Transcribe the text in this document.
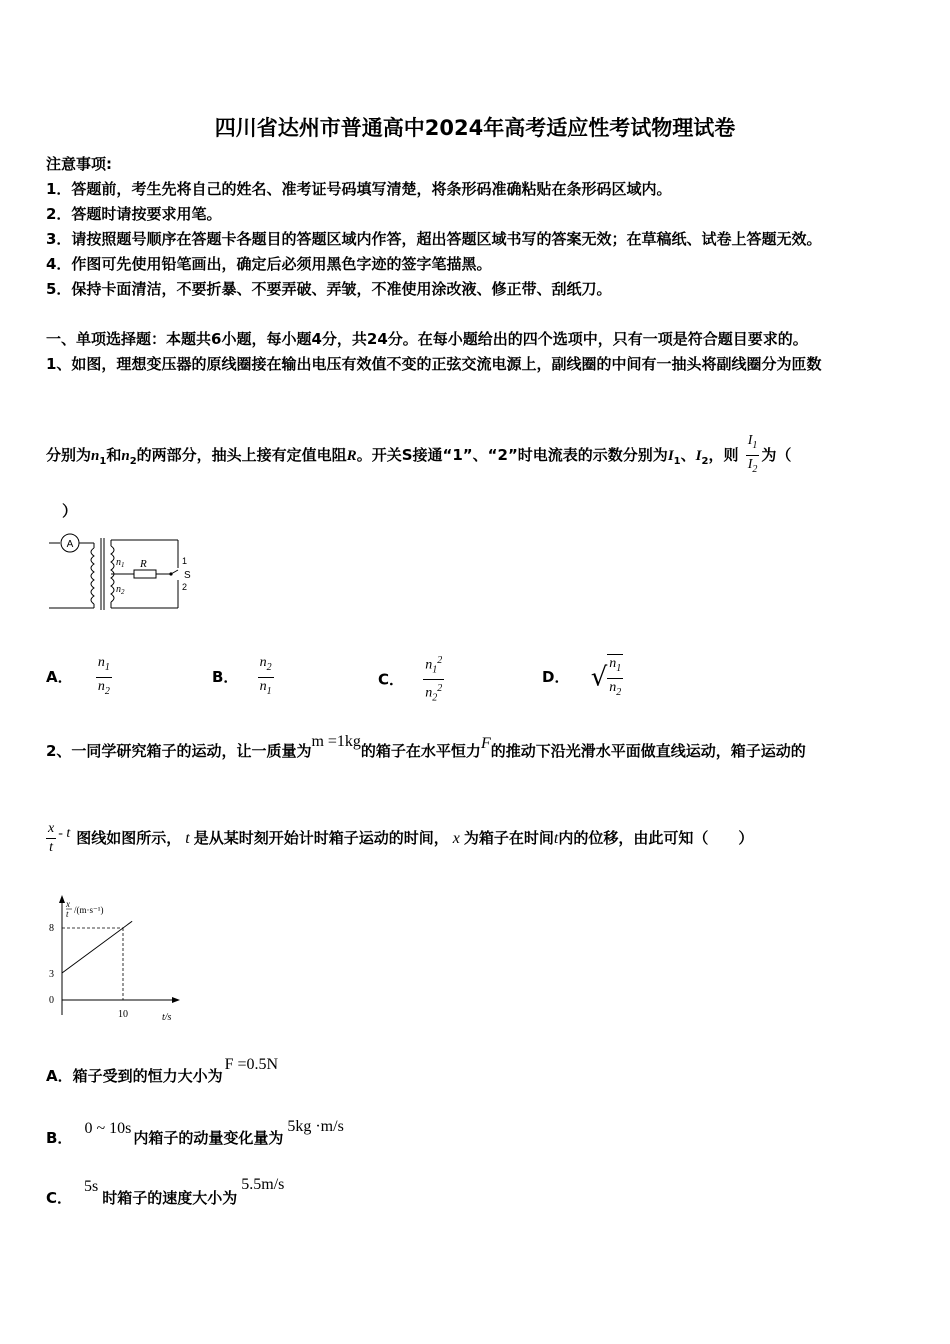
四川省达州市普通高中2024年高考适应性考试物理试卷
注意事项:
1．答题前，考生先将自己的姓名、准考证号码填写清楚，将条形码准确粘贴在条形码区域内。
2．答题时请按要求用笔。
3．请按照题号顺序在答题卡各题目的答题区域内作答，超出答题区域书写的答案无效；在草稿纸、试卷上答题无效。
4．作图可先使用铅笔画出，确定后必须用黑色字迹的签字笔描黑。
5．保持卡面清洁，不要折暴、不要弄破、弄皱，不准使用涂改液、修正带、刮纸刀。
一、单项选择题：本题共6小题，每小题4分，共24分。在每小题给出的四个选项中，只有一项是符合题目要求的。
1、如图，理想变压器的原线圈接在输出电压有效值不变的正弦交流电源上，副线圈的中间有一抽头将副线圈分为匝数
分别为$n_1$和$n_2$的两部分，抽头上接有定值电阻R。开关S接通“1”、“2”时电流表的示数分别为$I_1$、$I_2$，则 $\frac{I_1}{I_2}$ 为（
）
A
$n_1$
$n_2$
R	1
S
2
A． $\frac{n_1}{n_2}$	B． $\frac{n_2}{n_1}$	C． $\frac{n_1^2}{n_2^2}$	D． √ $\frac{n_1}{n_2}$
2、一同学研究箱子的运动，让一质量为m =1kg的箱子在水平恒力F的推动下沿光滑水平面做直线运动，箱子运动的
$\frac{x}{t}$ - t 图线如图所示， t 是从某时刻开始计时箱子运动的时间， x 为箱子在时间t内的位移，由此可知（　　）
x
t /(m·s⁻¹)
8
3
0
10	t/s
A．箱子受到的恒力大小为F =0.5N
B．0 ~ 10s内箱子的动量变化量为5kg ·m/s
C．5s时箱子的速度大小为5.5m/s
